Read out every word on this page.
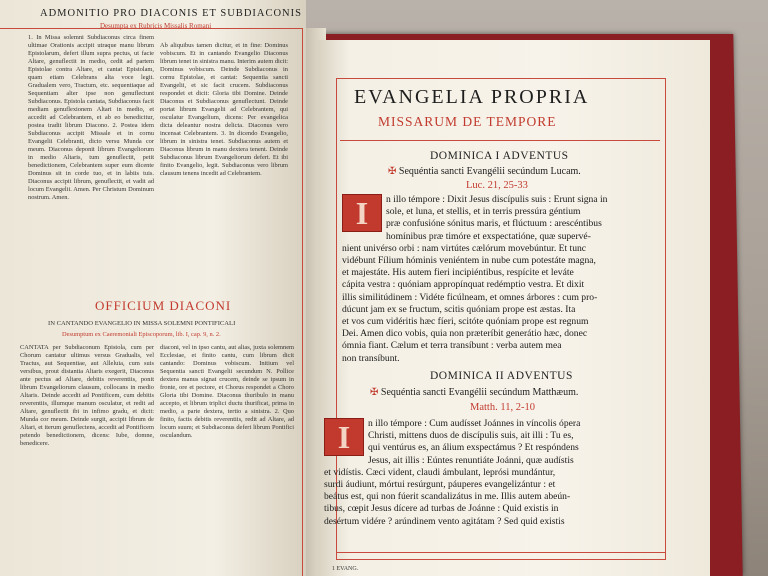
ADMONITIO PRO DIACONIS ET SUBDIACONIS
Desumpta ex Rubricis Missalis Romani
1. In Missa solemni Subdiaconus circa finem ultimae Orationis accipit utraque manu librum Epistolarum, defert illum supra pectus, ut facie Altare, genuflectit in medio, cedit ad partem Epistolae contra Altare, et cantat Epistolam, quam etiam Celebrans alta voce legit. Gradualem vero, Tractum, etc. sequentiaque ad Sequentiam alter ipse non genuflectunt Subdiaconus. Epistola cantata, Subdiaconus facit mediam genuflexionem Altari in medio, et accedit ad Celebrantem, et ab eo benedicitur, postea tradit librum Diacono. 2. Postea idem Subdiaconus accipit Missale et in cornu Evangelii Celebranti, dicto versu Munda cor meum. Diaconus deponit librum Evangeliorum in medio Altaris, tum genuflectit, petit benedictionem, Celebrantem super eum dicente Dominus sit in corde tuo, et in labiis tuis. Diaconus accipit librum, genuflectit, et vadit ad locum Evangelii. Amen. Per Christum Dominum nostrum. Amen.
Ab aliquibus tamen dicitur, et in fine: Dominus vobiscum. Et in cantando Evangelio Diaconus librum tenet in sinistra manu. Interim autem dicit: Dominus vobiscum. Deinde Subdiaconus in cornu Epistolae, et cantat: Sequentia sancti Evangelii, et sic facit crucem. Subdiaconus respondet et dicit: Gloria tibi Domine. Deinde Diaconus et Subdiaconus genuflectunt. Deinde portat librum Evangelii ad Celebrantem, qui osculatur Evangelium, dicens: Per evangelica dicta deleantur nostra delicta. Diaconus vero incensat Celebrantem. 3. In dicendo Evangelio, librum in sinistra tenet. Subdiaconus autem et Diaconus librum in manu dextera tenent. Deinde Subdiaconus librum Evangeliorum defert. Et ibi finito Evangelio, legit. Subdiaconus vero librum clausum tenens incedit ad Celebrantem.
OFFICIUM DIACONI
IN CANTANDO EVANGELIO IN MISSA SOLEMNI PONTIFICALI
Desumptum ex Caeremoniali Episcoporum, lib. I, cap. 9, n. 2.
CANTATA per Subdiaconum Epistola, cum per Chorum cantatur ultimus versus Gradualis, vel Tractus, aut Sequentiae, aut Alleluia, cum suis versibus, prout distantia Altaris exegerit, Diaconus ante pectus ad Altare, debitis reverentiis, ponit librum Evangeliorum clausum, collocans in medio Altaris. Deinde accedit ad Pontificem, cum debitis reverentiis, illumque manum osculatur, et redit ad Altare, genuflectit ibi in infimo gradu, et dicit: Munda cor meum. Deinde surgit, accipit librum de Altari, et iterum genuflectens, accedit ad Pontificem petendo benedictionem, dicens: Iube, domne, benedicere.
diaconi, vel in ipso cantu, aut alias, juxta solemnem Ecclesiae, et finito cantu, cum librum dicit cantando: Dominus vobiscum. Initium vel Sequentia sancti Evangelii secundum N. Pollice dextera manus signat crucem, deinde se ipsum in fronte, ore et pectore, et Chorus respondet a Choro Gloria tibi Domine. Diaconus thuribulo in manu accepto, et librum triplici ductu thurificat, prima in medio, a parte dextera, tertio a sinistra. 2. Quo finito, factis debitis reverentiis, redit ad Altare, ad locum suum; et Subdiaconus defert librum Pontifici osculandum.
EVANGELIA PROPRIA
MISSARUM DE TEMPORE
DOMINICA I ADVENTUS
✠ Sequéntia sancti Evangélii secúndum Lucam.
Luc. 21, 25-33
I	n illo témpore : Dixit Jesus discípulis suis : Erunt signa in
sole, et luna, et stellis, et in terris pressúra géntium
præ confusióne sónitus maris, et flúctuum : arescéntibus
homínibus præ timóre et exspectatióne, quæ supervé-
nient univérso orbi : nam virtútes cælórum movebúntur. Et tunc
vidébunt Fílium hóminis veniéntem in nube cum potestáte magna,
et majestáte. His autem fieri incipiéntibus, respícite et leváte
cápita vestra : quóniam appropínquat redémptio vestra. Et dixit
illis similitúdinem : Vidéte ficúlneam, et omnes árbores : cum pro-
dúcunt jam ex se fructum, scitis quóniam prope est æstas. Ita
et vos cum vidéritis hæc fíeri, scitóte quóniam prope est regnum
Dei. Amen dico vobis, quia non præteríbit generátio hæc, donec
ómnia fiant. Cælum et terra transíbunt : verba autem mea
non transíbunt.
DOMINICA II ADVENTUS
✠ Sequéntia sancti Evangélii secúndum Matthæum.
Matth. 11, 2-10
I	n illo témpore : Cum audísset Joánnes in víncolis ópera
Christi, mittens duos de discípulis suis, ait illi : Tu es,
qui ventúrus es, an álium exspectámus ? Et respóndens
Jesus, ait illis : Eúntes renuntiáte Joánni, quæ audístis
et vidístis. Cæci vident, claudi ámbulant, leprósi mundántur,
surdi áudiunt, mórtui resúrgunt, páuperes evangelizántur : et
beátus est, qui non fúerit scandalizátus in me. Illis autem abeún-
tibus, cœpit Jesus dícere ad turbas de Joánne : Quid existis in
desértum vidére ? arúndinem vento agitátam ? Sed quid existis
1 EVANG.
